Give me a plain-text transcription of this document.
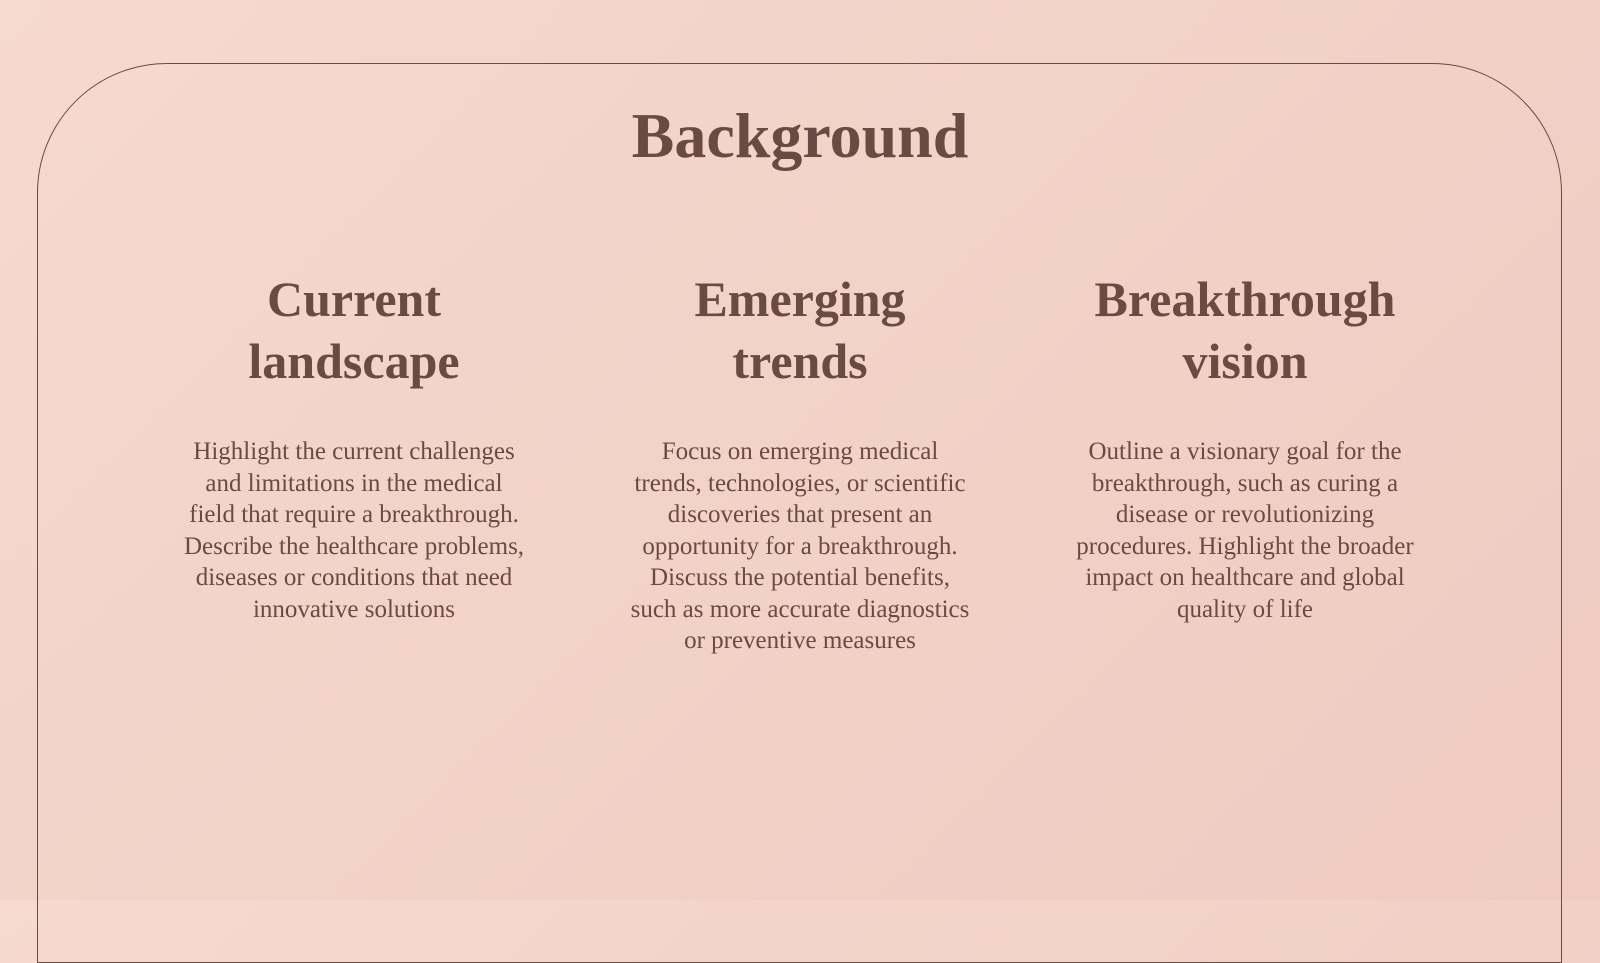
Background
Current
landscape
Highlight the current challenges and limitations in the medical field that require a breakthrough. Describe the healthcare problems, diseases or conditions that need innovative solutions
Emerging
trends
Focus on emerging medical trends, technologies, or scientific discoveries that present an opportunity for a breakthrough. Discuss the potential benefits, such as more accurate diagnostics or preventive measures
Breakthrough
vision
Outline a visionary goal for the breakthrough, such as curing a disease or revolutionizing procedures. Highlight the broader impact on healthcare and global quality of life
